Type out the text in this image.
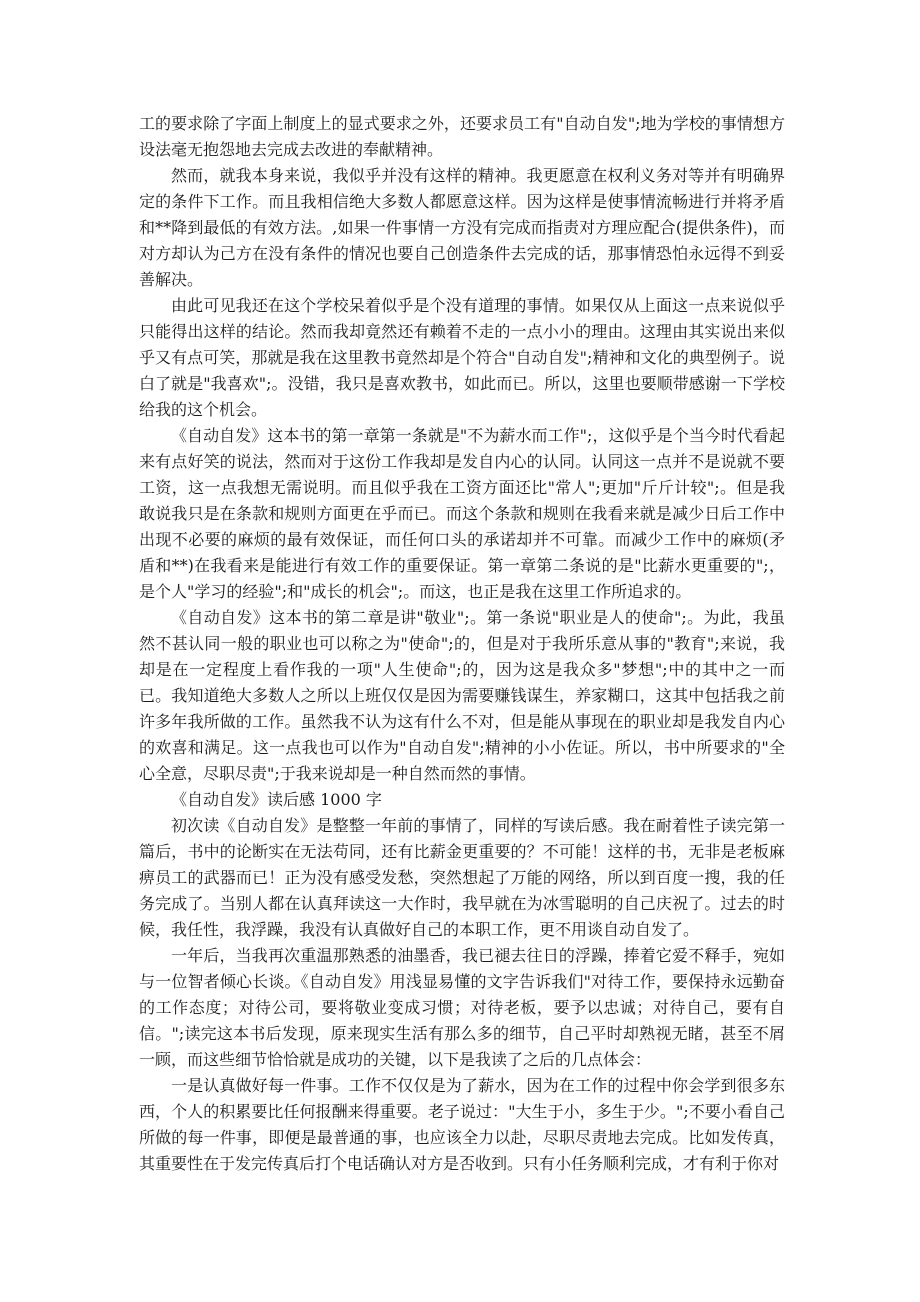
工的要求除了字面上制度上的显式要求之外，还要求员工有"自动自发";地为学校的事情想方设法毫无抱怨地去完成去改进的奉献精神。

然而，就我本身来说，我似乎并没有这样的精神。我更愿意在权利义务对等并有明确界定的条件下工作。而且我相信绝大多数人都愿意这样。因为这样是使事情流畅进行并将矛盾和**降到最低的有效方法。,如果一件事情一方没有完成而指责对方理应配合(提供条件)，而对方却认为己方在没有条件的情况也要自己创造条件去完成的话，那事情恐怕永远得不到妥善解决。

由此可见我还在这个学校呆着似乎是个没有道理的事情。如果仅从上面这一点来说似乎只能得出这样的结论。然而我却竟然还有赖着不走的一点小小的理由。这理由其实说出来似乎又有点可笑，那就是我在这里教书竟然却是个符合"自动自发";精神和文化的典型例子。说白了就是"我喜欢";。没错，我只是喜欢教书，如此而已。所以，这里也要顺带感谢一下学校给我的这个机会。

《自动自发》这本书的第一章第一条就是"不为薪水而工作";，这似乎是个当今时代看起来有点好笑的说法，然而对于这份工作我却是发自内心的认同。认同这一点并不是说就不要工资，这一点我想无需说明。而且似乎我在工资方面还比"常人";更加"斤斤计较";。但是我敢说我只是在条款和规则方面更在乎而已。而这个条款和规则在我看来就是减少日后工作中出现不必要的麻烦的最有效保证，而任何口头的承诺却并不可靠。而减少工作中的麻烦(矛盾和**)在我看来是能进行有效工作的重要保证。第一章第二条说的是"比薪水更重要的";，是个人"学习的经验";和"成长的机会";。而这，也正是我在这里工作所追求的。

《自动自发》这本书的第二章是讲"敬业";。第一条说"职业是人的使命";。为此，我虽然不甚认同一般的职业也可以称之为"使命";的，但是对于我所乐意从事的"教育";来说，我却是在一定程度上看作我的一项"人生使命";的，因为这是我众多"梦想";中的其中之一而已。我知道绝大多数人之所以上班仅仅是因为需要赚钱谋生，养家糊口，这其中包括我之前许多年我所做的工作。虽然我不认为这有什么不对，但是能从事现在的职业却是我发自内心的欢喜和满足。这一点我也可以作为"自动自发";精神的小小佐证。所以，书中所要求的"全心全意，尽职尽责";于我来说却是一种自然而然的事情。

《自动自发》读后感 1000 字

初次读《自动自发》是整整一年前的事情了，同样的写读后感。我在耐着性子读完第一篇后，书中的论断实在无法苟同，还有比薪金更重要的？不可能！这样的书，无非是老板麻痹员工的武器而已！正为没有感受发愁，突然想起了万能的网络，所以到百度一搜，我的任务完成了。当别人都在认真拜读这一大作时，我早就在为冰雪聪明的自己庆祝了。过去的时候，我任性，我浮躁，我没有认真做好自己的本职工作，更不用谈自动自发了。

一年后，当我再次重温那熟悉的油墨香，我已褪去往日的浮躁，捧着它爱不释手，宛如与一位智者倾心长谈。《自动自发》用浅显易懂的文字告诉我们"对待工作，要保持永远勤奋的工作态度；对待公司，要将敬业变成习惯；对待老板，要予以忠诚；对待自己，要有自信。";读完这本书后发现，原来现实生活有那么多的细节，自己平时却熟视无睹，甚至不屑一顾，而这些细节恰恰就是成功的关键，以下是我读了之后的几点体会：

一是认真做好每一件事。工作不仅仅是为了薪水，因为在工作的过程中你会学到很多东西，个人的积累要比任何报酬来得重要。老子说过："大生于小，多生于少。";不要小看自己所做的每一件事，即便是最普通的事，也应该全力以赴，尽职尽责地去完成。比如发传真，其重要性在于发完传真后打个电话确认对方是否收到。只有小任务顺利完成，才有利于你对
